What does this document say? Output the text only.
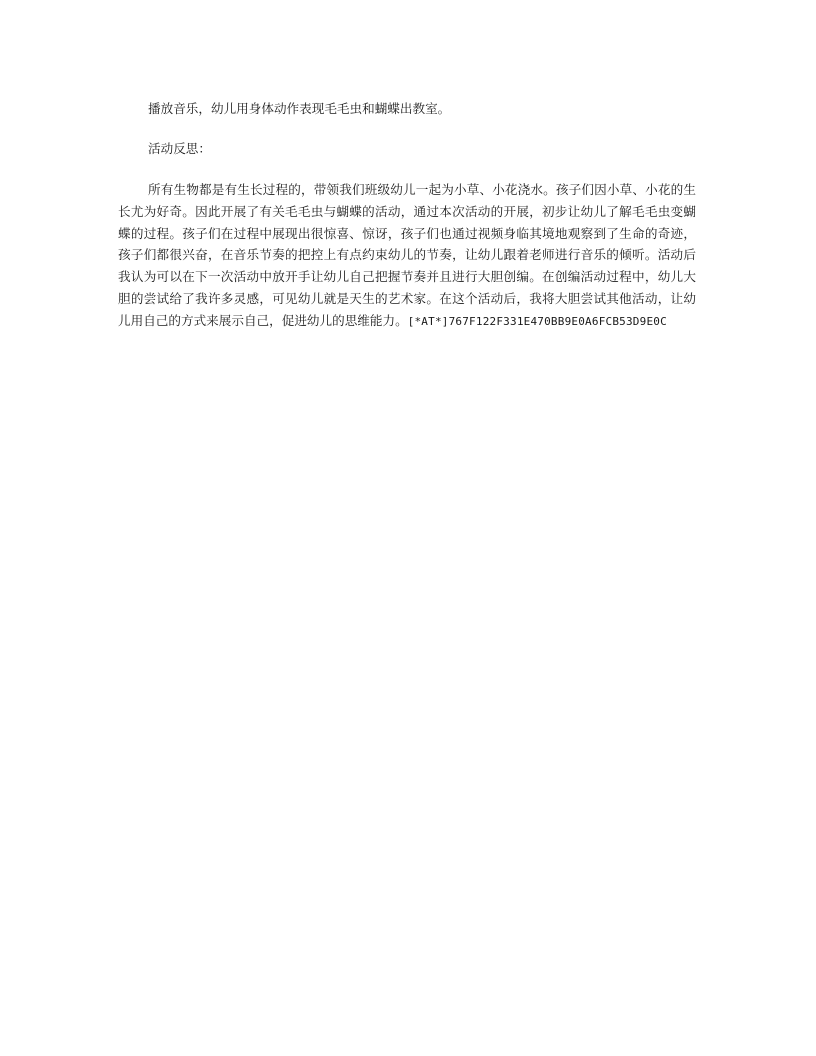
播放音乐，幼儿用身体动作表现毛毛虫和蝴蝶出教室。

活动反思：

所有生物都是有生长过程的，带领我们班级幼儿一起为小草、小花浇水。孩子们因小草、小花的生长尤为好奇。因此开展了有关毛毛虫与蝴蝶的活动，通过本次活动的开展，初步让幼儿了解毛毛虫变蝴蝶的过程。孩子们在过程中展现出很惊喜、惊讶，孩子们也通过视频身临其境地观察到了生命的奇迹，孩子们都很兴奋，在音乐节奏的把控上有点约束幼儿的节奏，让幼儿跟着老师进行音乐的倾听。活动后我认为可以在下一次活动中放开手让幼儿自己把握节奏并且进行大胆创编。在创编活动过程中，幼儿大胆的尝试给了我许多灵感，可见幼儿就是天生的艺术家。在这个活动后，我将大胆尝试其他活动，让幼儿用自己的方式来展示自己，促进幼儿的思维能力。[*AT*]767F122F331E470BB9E0A6FCB53D9E0C
